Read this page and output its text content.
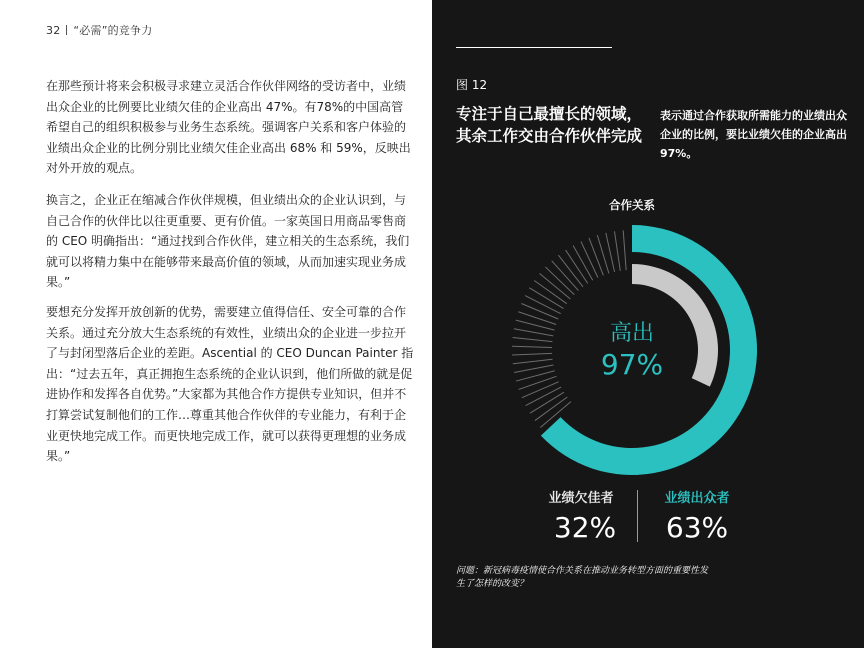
32 “必需”的竞争力

在那些预计将来会积极寻求建立灵活合作伙伴网络的受访者中，业绩出众企业的比例要比业绩欠佳的企业高出 47%。有78%的中国高管希望自己的组织积极参与业务生态系统。强调客户关系和客户体验的业绩出众企业的比例分别比业绩欠佳企业高出 68% 和 59%，反映出对外开放的观点。

换言之，企业正在缩减合作伙伴规模，但业绩出众的企业认识到，与自己合作的伙伴比以往更重要、更有价值。一家英国日用商品零售商的 CEO 明确指出：“通过找到合作伙伴，建立相关的生态系统，我们就可以将精力集中在能够带来最高价值的领域，从而加速实现业务成果。”

要想充分发挥开放创新的优势，需要建立值得信任、安全可靠的合作关系。通过充分放大生态系统的有效性，业绩出众的企业进一步拉开了与封闭型落后企业的差距。Ascential 的 CEO Duncan Painter 指出：“过去五年，真正拥抱生态系统的企业认识到，他们所做的就是促进协作和发挥各自优势。”大家都为其他合作方提供专业知识，但并不打算尝试复制他们的工作…尊重其他合作伙伴的专业能力，有利于企业更快地完成工作。而更快地完成工作，就可以获得更理想的业务成果。”

图 12
专注于自己最擅长的领域，其余工作交由合作伙伴完成
表示通过合作获取所需能力的业绩出众企业的比例，要比业绩欠佳的企业高出 97%。
合作关系
高出
97%
业绩欠佳者	业绩出众者
32%	63%
问题：新冠病毒疫情使合作关系在推动业务转型方面的重要性发生了怎样的改变？
